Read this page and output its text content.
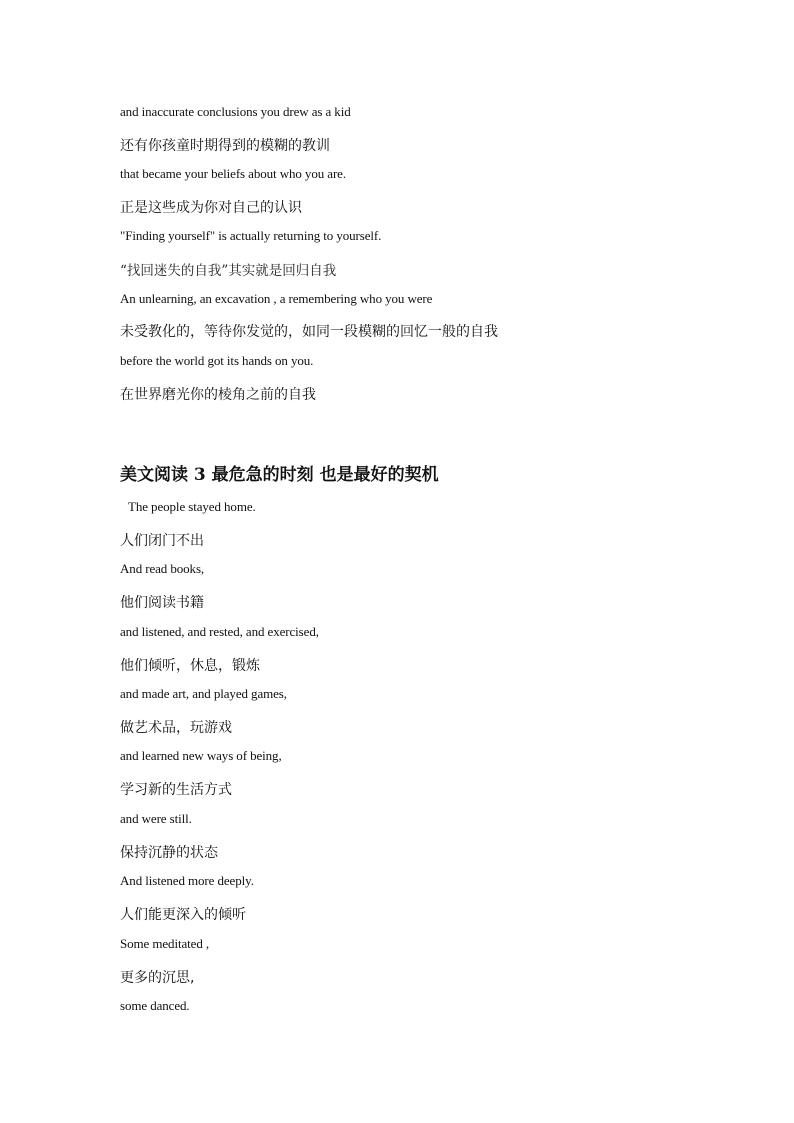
and inaccurate conclusions you drew as a kid
还有你孩童时期得到的模糊的教训
that became your beliefs about who you are.
正是这些成为你对自己的认识
"Finding yourself" is actually returning to yourself.
“找回迷失的自我”其实就是回归自我
An unlearning, an excavation , a remembering who you were
未受教化的，等待你发觉的，如同一段模糊的回忆一般的自我
before the world got its hands on you.
在世界磨光你的棱角之前的自我
美文阅读 3 最危急的时刻 也是最好的契机
The people stayed home.
人们闭门不出
And read books,
他们阅读书籍
and listened, and rested, and exercised,
他们倾听，休息，锻炼
and made art, and played games,
做艺术品，玩游戏
and learned new ways of being,
学习新的生活方式
and were still.
保持沉静的状态
And listened more deeply.
人们能更深入的倾听
Some meditated ,
更多的沉思,
some danced.
